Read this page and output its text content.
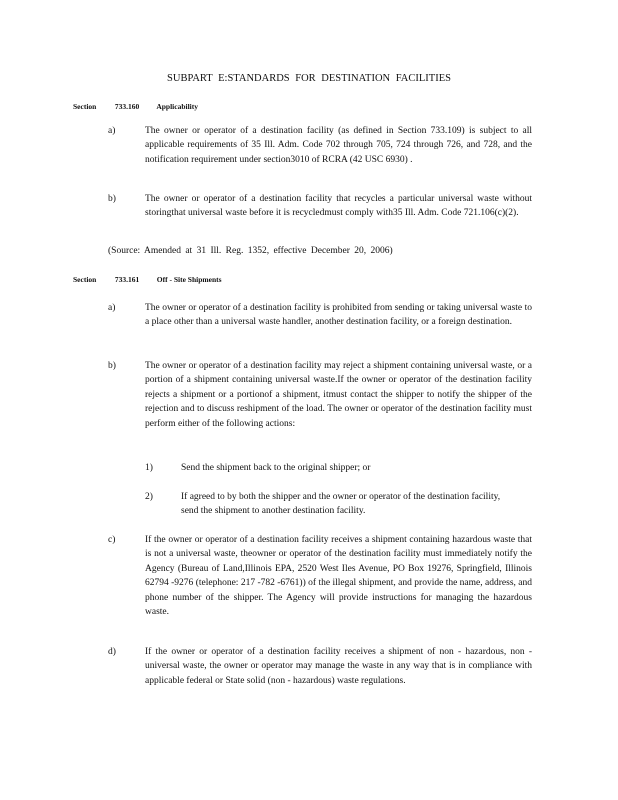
SUBPART E:STANDARDS FOR DESTINATION FACILITIES
Section 733.160 Applicability
a)	The owner or operator of a destination facility (as defined in Section 733.109) is subject to all applicable requirements of 35 Ill. Adm. Code 702 through 705, 724 through 726, and 728, and the notification requirement under section3010 of RCRA (42 USC 6930) .
b)	The owner or operator of a destination facility that recycles a particular universal waste without storingthat universal waste before it is recycledmust comply with35 Ill. Adm. Code 721.106(c)(2).
(Source: Amended at 31 Ill. Reg. 1352, effective December 20, 2006)
Section 733.161 Off - Site Shipments
a)	The owner or operator of a destination facility is prohibited from sending or taking universal waste to a place other than a universal waste handler, another destination facility, or a foreign destination.
b)	The owner or operator of a destination facility may reject a shipment containing universal waste, or a portion of a shipment containing universal waste.If the owner or operator of the destination facility rejects a shipment or a portionof a shipment, itmust contact the shipper to notify the shipper of the rejection and to discuss reshipment of the load. The owner or operator of the destination facility must perform either of the following actions:
1)	Send the shipment back to the original shipper; or
2)	If agreed to by both the shipper and the owner or operator of the destination facility, send the shipment to another destination facility.
c)	If the owner or operator of a destination facility receives a shipment containing hazardous waste that is not a universal waste, theowner or operator of the destination facility must immediately notify the Agency (Bureau of Land,Illinois EPA, 2520 West Iles Avenue, PO Box 19276, Springfield, Illinois 62794 -9276 (telephone: 217 -782 -6761)) of the illegal shipment, and provide the name, address, and phone number of the shipper. The Agency will provide instructions for managing the hazardous waste.
d)	If the owner or operator of a destination facility receives a shipment of non - hazardous, non -universal waste, the owner or operator may manage the waste in any way that is in compliance with applicable federal or State solid (non - hazardous) waste regulations.
